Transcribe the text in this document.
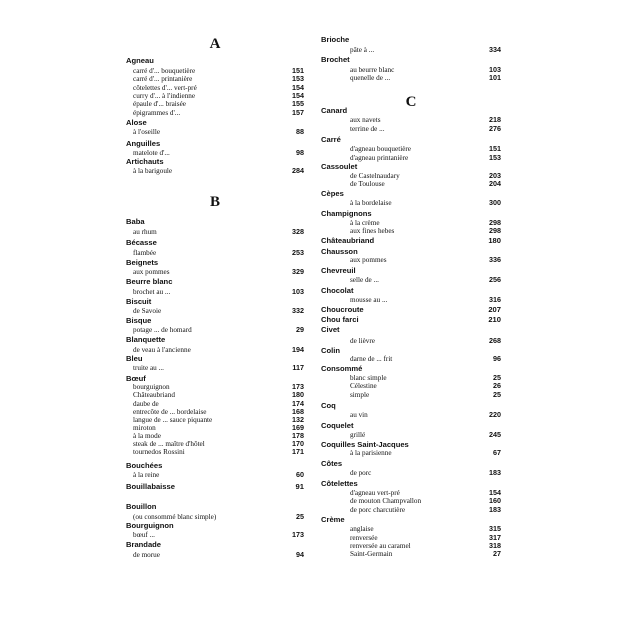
A
Agneau
carré d'... bouquetière	151
carré d'... printanière	153
côtelettes d'... vert-pré	154
curry d'... à l'indienne	154
épaule d'... braisée	155
épigrammes d'...	157
Alose
à l'oseille	88
Anguilles
matelote d'...	98
Artichauts
à la barigoule	284
B
Baba
au rhum	328
Bécasse
flambée	253
Beignets
aux pommes	329
Beurre blanc
brochet au ...	103
Biscuit
de Savoie	332
Bisque
potage ... de homard	29
Blanquette
de veau à l'ancienne	194
Bleu
truite au ...	117
Bœuf
bourguignon	173
Châteaubriand	180
daube de	174
entrecôte de ... bordelaise	168
langue de ... sauce piquante	132
miroton	169
à la mode	178
steak de ... maître d'hôtel	170
tournedos Rossini	171
Bouchées
à la reine	60
Bouillabaisse	91
Bouillon
(ou consommé blanc simple)	25
Bourguignon
bœuf ...	173
Brandade
de morue	94
Brioche
pâte à ...	334
Brochet
au beurre blanc	103
quenelle de ...	101
C
Canard
aux navets	218
terrine de ...	276
Carré
d'agneau bouquetière	151
d'agneau printanière	153
Cassoulet
de Castelnaudary	203
de Toulouse	204
Cèpes
à la bordelaise	300
Champignons
à la crème	298
aux fines hebes	298
Châteaubriand	180
Chausson
aux pommes	336
Chevreuil
selle de ...	256
Chocolat
mousse au ...	316
Choucroute	207
Chou farci	210
Civet
de lièvre	268
Colin
darne de ... frit	96
Consommé
blanc simple	25
Célestine	26
simple	25
Coq
au vin	220
Coquelet
grillé	245
Coquilles Saint-Jacques
à la parisienne	67
Côtes
de porc	183
Côtelettes
d'agneau vert-pré	154
de mouton Champvallon	160
de porc charcutière	183
Crème
anglaise	315
renversée	317
renversée au caramel	318
Saint-Germain	27
